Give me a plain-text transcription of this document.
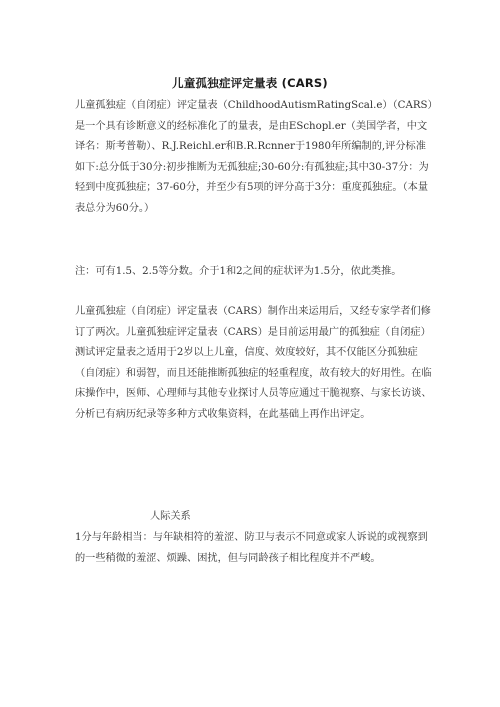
儿童孤独症评定量表 (CARS)

儿童孤独症（自闭症）评定量表（ChildhoodAutismRatingScal.e）（CARS）是一个具有诊断意义的经标准化了的量表，是由ESchopl.er（美国学者，中文译名：斯考普勒）、R.J.Reichl.er和B.R.Rcnner于1980年所编制的,评分标准如下:总分低于30分:初步推断为无孤独症;30-60分:有孤独症;其中30-37分：为轻到中度孤独症；37-60分，并至少有5项的评分高于3分：重度孤独症。（本量表总分为60分。）

注：可有1.5、2.5等分数。介于1和2之间的症状评为1.5分，依此类推。

儿童孤独症（自闭症）评定量表（CARS）制作出来运用后，又经专家学者们修订了两次。儿童孤独症评定量表（CARS）是目前运用最广的孤独症（自闭症）测试评定量表之适用于2岁以上儿童，信度、效度较好，其不仅能区分孤独症（自闭症）和弱智，而且还能推断孤独症的轻重程度，故有较大的好用性。在临床操作中，医师、心理师与其他专业探讨人员等应通过干脆视察、与家长访谈、分析已有病历纪录等多种方式收集资料，在此基础上再作出评定。

人际关系

1分与年龄相当：与年缺相符的羞涩、防卫与表示不同意或家人诉说的或视察到的一些稍微的羞涩、烦躁、困扰，但与同龄孩子相比程度并不严峻。
